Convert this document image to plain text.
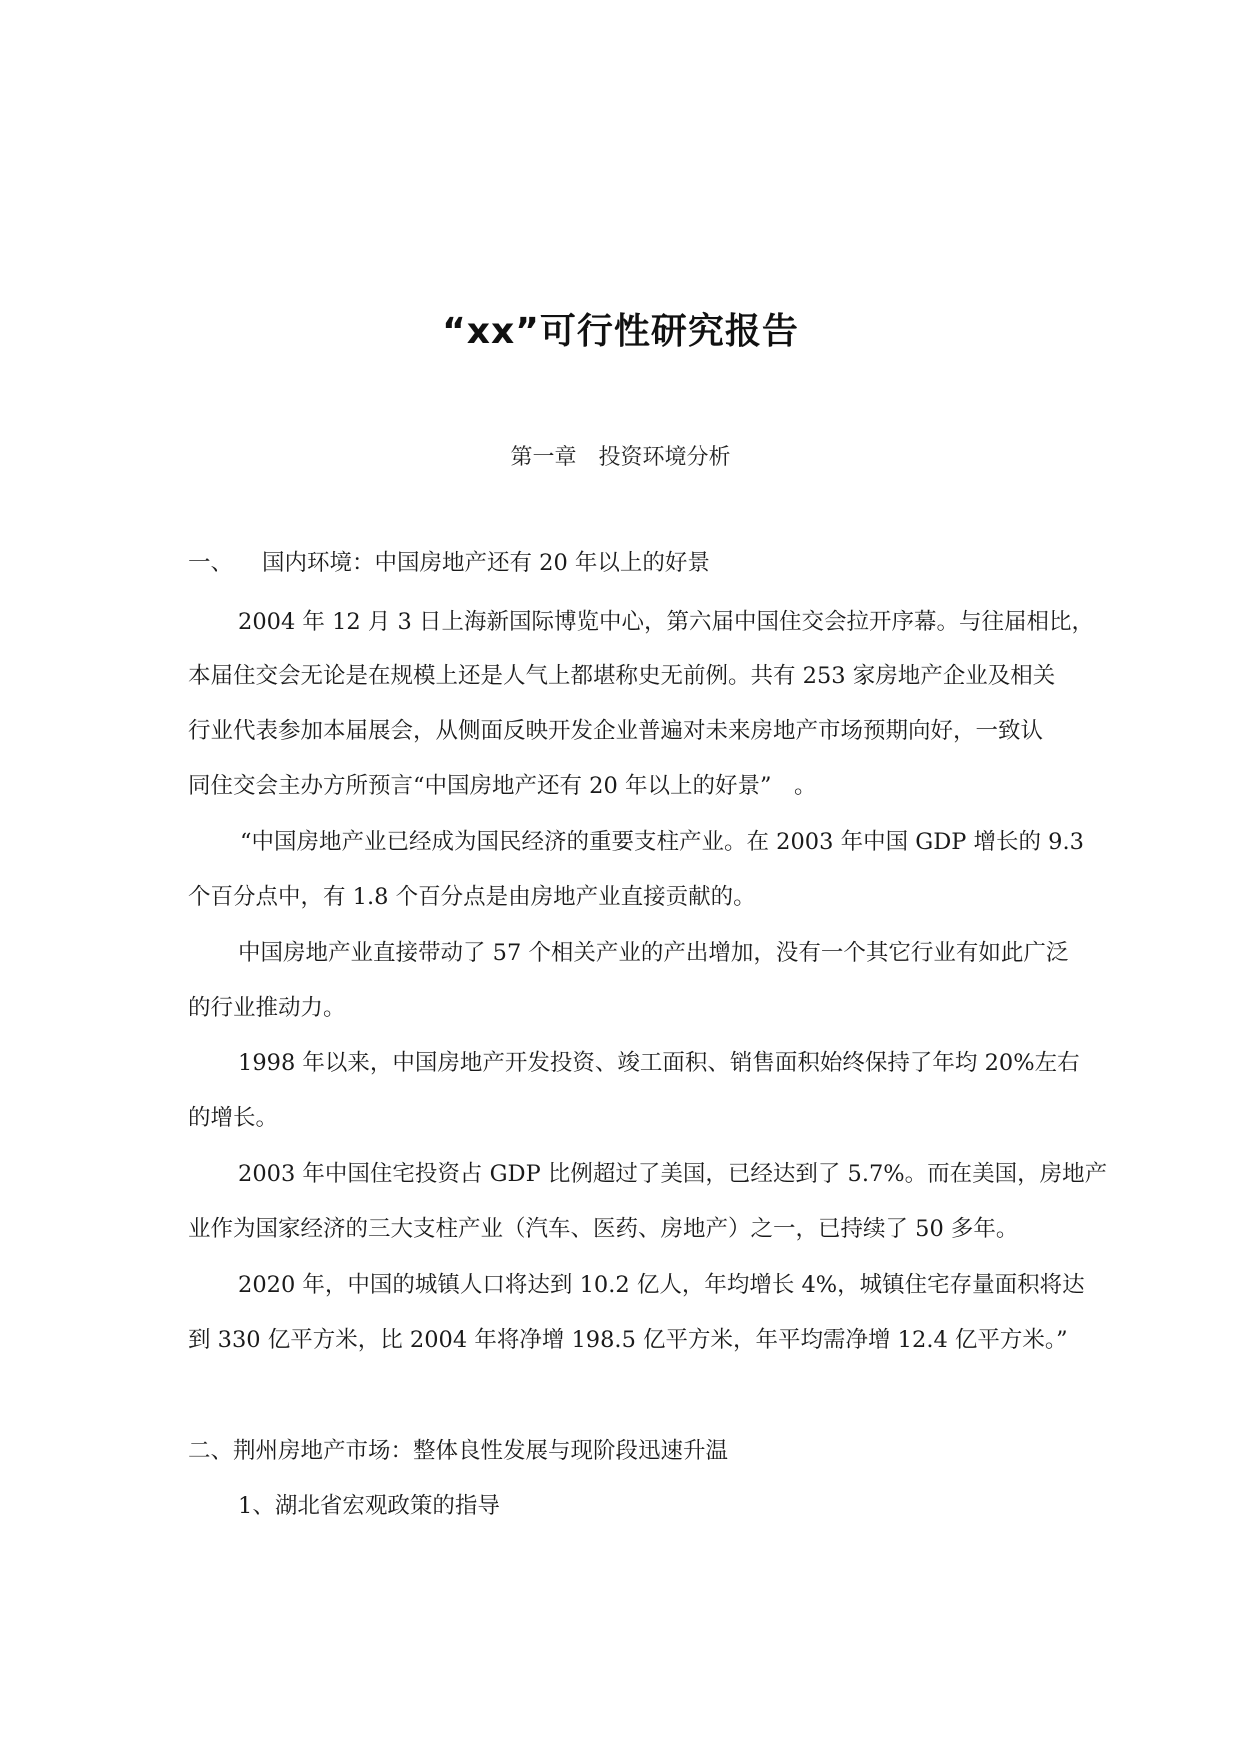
“xx”可行性研究报告
第一章　投资环境分析
一、 国内环境：中国房地产还有 20 年以上的好景
2004 年 12 月 3 日上海新国际博览中心，第六届中国住交会拉开序幕。与往届相比，
本届住交会无论是在规模上还是人气上都堪称史无前例。共有 253 家房地产企业及相关
行业代表参加本届展会，从侧面反映开发企业普遍对未来房地产市场预期向好，一致认
同住交会主办方所预言“中国房地产还有 20 年以上的好景”　。
“中国房地产业已经成为国民经济的重要支柱产业。在 2003 年中国 GDP 增长的 9.3
个百分点中，有 1.8 个百分点是由房地产业直接贡献的。
中国房地产业直接带动了 57 个相关产业的产出增加，没有一个其它行业有如此广泛
的行业推动力。
1998 年以来，中国房地产开发投资、竣工面积、销售面积始终保持了年均 20%左右
的增长。
2003 年中国住宅投资占 GDP 比例超过了美国，已经达到了 5.7%。而在美国，房地产
业作为国家经济的三大支柱产业（汽车、医药、房地产）之一，已持续了 50 多年。
2020 年，中国的城镇人口将达到 10.2 亿人，年均增长 4%，城镇住宅存量面积将达
到 330 亿平方米，比 2004 年将净增 198.5 亿平方米，年平均需净增 12.4 亿平方米。”
二、荆州房地产市场：整体良性发展与现阶段迅速升温
1、湖北省宏观政策的指导
